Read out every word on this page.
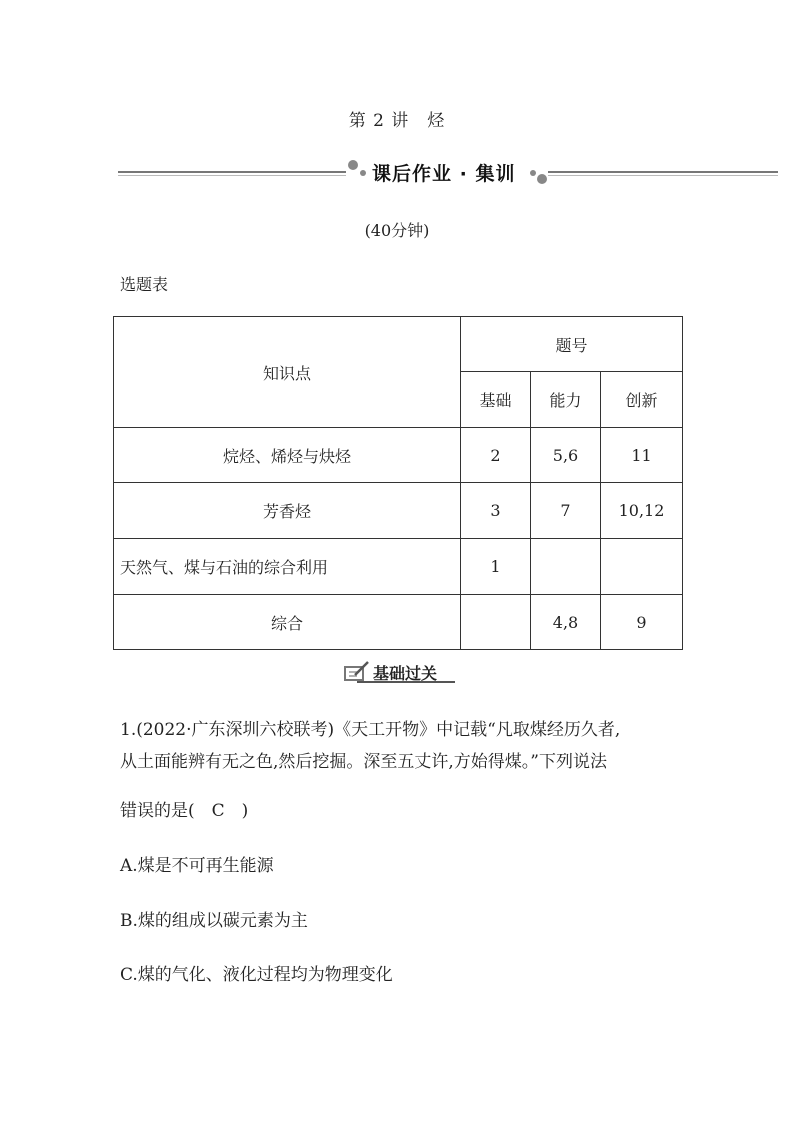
第 2 讲　烃
课后作业 · 集训
(40分钟)
选题表
知识点	题号		
	基础	能力	创新
烷烃、烯烃与炔烃	2	5,6	11
芳香烃	3	7	10,12
天然气、煤与石油的综合利用	1		
综合		4,8	9
基础过关
1.(2022·广东深圳六校联考)《天工开物》中记载“凡取煤经历久者,
从土面能辨有无之色,然后挖掘。深至五丈许,方始得煤。”下列说法
错误的是(　C　)
A.煤是不可再生能源
B.煤的组成以碳元素为主
C.煤的气化、液化过程均为物理变化
